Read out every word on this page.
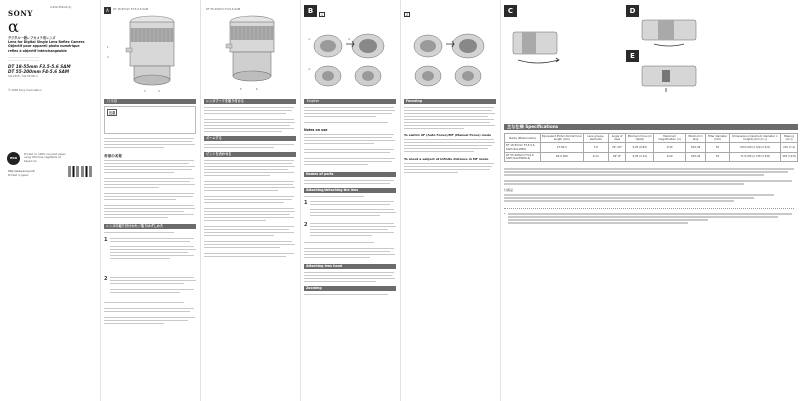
SONY
4-452-459-01(1)
α
デジタル一眼レフカメラ用レンズ
Lens for Digital Single Lens Reflex Camera
Objectif pour appareil photo numérique
reflex à objectif interchangeable
────────────────────
────────────────────
DT 18-55mm F3.5-5.6 SAM
DT 55-200mm F4-5.6 SAM
SAL1855 / SAL55200-2
© 2009 Sony Corporation
eco
Printed on 100% recycled paper using VOC-free vegetable oil based ink.
http://www.sony.net/
Printed in Japan
A	DT 18-55mm F3.5-5.6 SAM
1
2
3	4
日本語
注意
各部の名称
レンズの取り付けかた／取りはずしかた
1
2
DT 55-200mm F4-5.6 SAM
5	6
レンズフードを取り付ける
ズームする
ピントを合わせる
B	1
①	②
③
English
Notes on use
Names of parts
Attaching/detaching the lens
1
2
Attaching lens hood
Zooming
2
Focusing
To switch AF (Auto Focus)/MF (Manual Focus) mode
To shoot a subject at infinite distance in MF mode
C	D
E
主な仕様 Specifications
Name (Model name)	Equivalent 35mm-format focal length (mm)	Lens groups-elements	Angle of view	Minimum focus (m (feet))	Maximum magnification (×)	Minimum f-stop	Filter diameter (mm)	Dimensions (maximum diameter × height) (mm (in.))	Mass (g (oz.))
DT 18-55mm F3.5-5.6 SAM (SAL1855)	27-82.5	7-8	76°-29°	0.25 (0.83)	0.34	f/22-36	55	69.5×69 (2 3/4×2 3/4)	210 (7.4)
DT 55-200mm F4-5.6 SAM (SAL55200-2)	82.5-300	9-13	29°-8°	0.95 (3.12)	0.29	f/32-45	55	71.5×85 (2 7/8×3 3/8)	305 (10.8)
付属品
*
